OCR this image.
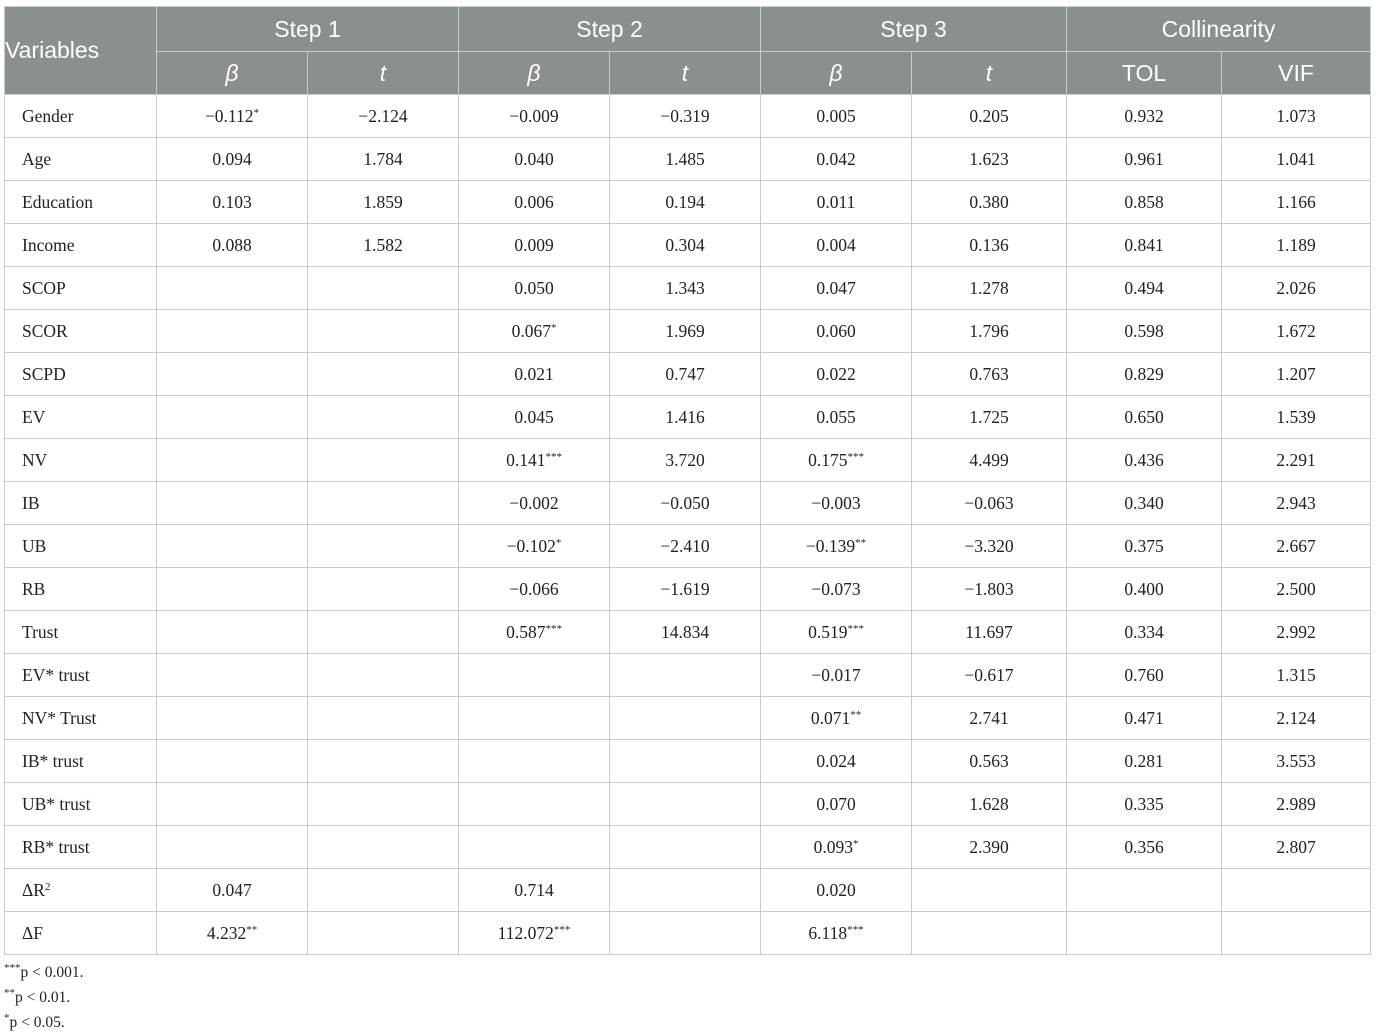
Variables	Step 1		Step 2		Step 3		Collinearity	
	β	t	β	t	β	t	TOL	VIF
Gender	−0.112*	−2.124	−0.009	−0.319	0.005	0.205	0.932	1.073
Age	0.094	1.784	0.040	1.485	0.042	1.623	0.961	1.041
Education	0.103	1.859	0.006	0.194	0.011	0.380	0.858	1.166
Income	0.088	1.582	0.009	0.304	0.004	0.136	0.841	1.189
SCOP			0.050	1.343	0.047	1.278	0.494	2.026
SCOR			0.067*	1.969	0.060	1.796	0.598	1.672
SCPD			0.021	0.747	0.022	0.763	0.829	1.207
EV			0.045	1.416	0.055	1.725	0.650	1.539
NV			0.141***	3.720	0.175***	4.499	0.436	2.291
IB			−0.002	−0.050	−0.003	−0.063	0.340	2.943
UB			−0.102*	−2.410	−0.139**	−3.320	0.375	2.667
RB			−0.066	−1.619	−0.073	−1.803	0.400	2.500
Trust			0.587***	14.834	0.519***	11.697	0.334	2.992
EV* trust					−0.017	−0.617	0.760	1.315
NV* Trust					0.071**	2.741	0.471	2.124
IB* trust					0.024	0.563	0.281	3.553
UB* trust					0.070	1.628	0.335	2.989
RB* trust					0.093*	2.390	0.356	2.807
$\Delta R^2$	0.047		0.714		0.020			
ΔF	4.232**		112.072***		6.118***			
***p < 0.001.
**p < 0.01.
*p < 0.05.
